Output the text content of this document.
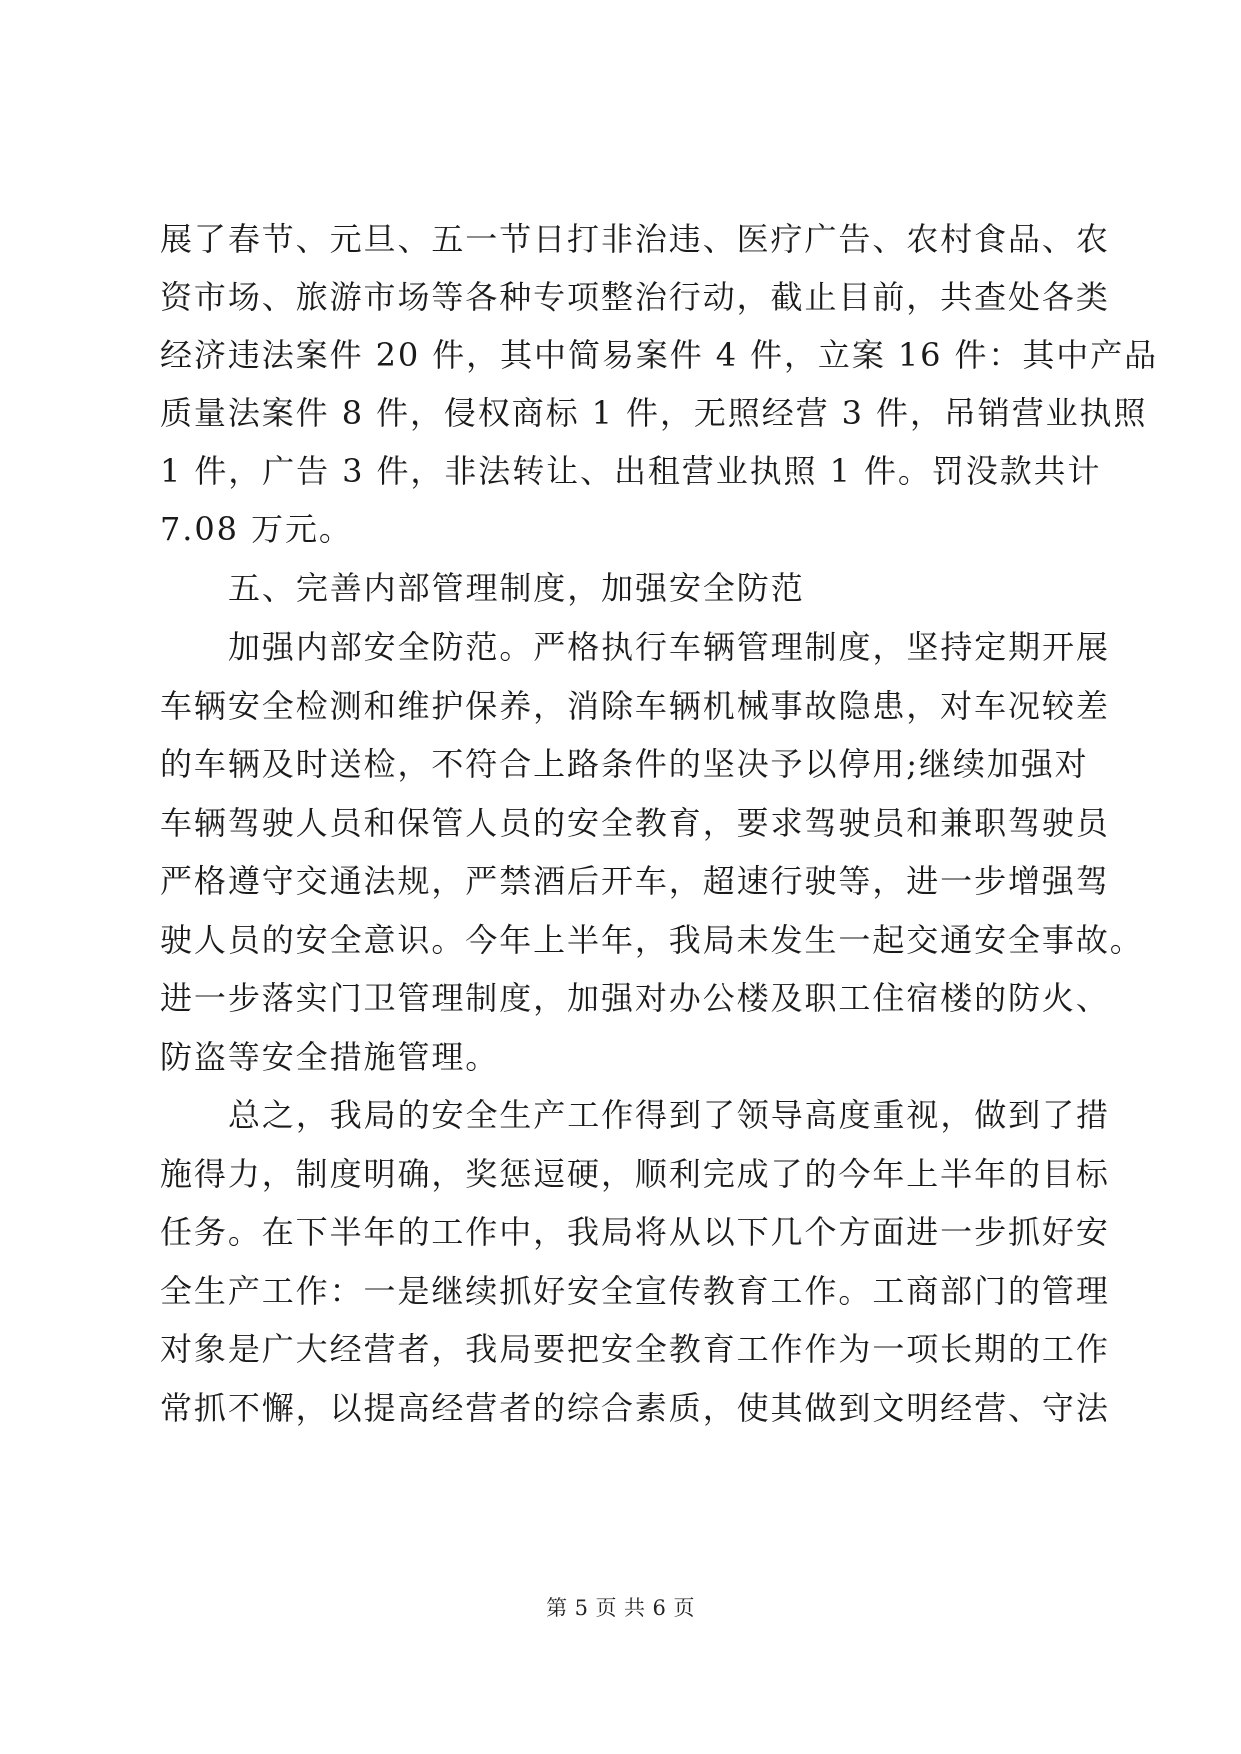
展了春节、元旦、五一节日打非治违、医疗广告、农村食品、农
资市场、旅游市场等各种专项整治行动，截止目前，共查处各类
经济违法案件 20 件，其中简易案件 4 件，立案 16 件：其中产品
质量法案件 8 件，侵权商标 1 件，无照经营 3 件，吊销营业执照
1 件，广告 3 件，非法转让、出租营业执照 1 件。罚没款共计
7.08 万元。
五、完善内部管理制度，加强安全防范
加强内部安全防范。严格执行车辆管理制度，坚持定期开展
车辆安全检测和维护保养，消除车辆机械事故隐患，对车况较差
的车辆及时送检，不符合上路条件的坚决予以停用;继续加强对
车辆驾驶人员和保管人员的安全教育，要求驾驶员和兼职驾驶员
严格遵守交通法规，严禁酒后开车，超速行驶等，进一步增强驾
驶人员的安全意识。今年上半年，我局未发生一起交通安全事故。
进一步落实门卫管理制度，加强对办公楼及职工住宿楼的防火、
防盗等安全措施管理。
总之，我局的安全生产工作得到了领导高度重视，做到了措
施得力，制度明确，奖惩逗硬，顺利完成了的今年上半年的目标
任务。在下半年的工作中，我局将从以下几个方面进一步抓好安
全生产工作：一是继续抓好安全宣传教育工作。工商部门的管理
对象是广大经营者，我局要把安全教育工作作为一项长期的工作
常抓不懈，以提高经营者的综合素质，使其做到文明经营、守法
第 5 页 共 6 页
